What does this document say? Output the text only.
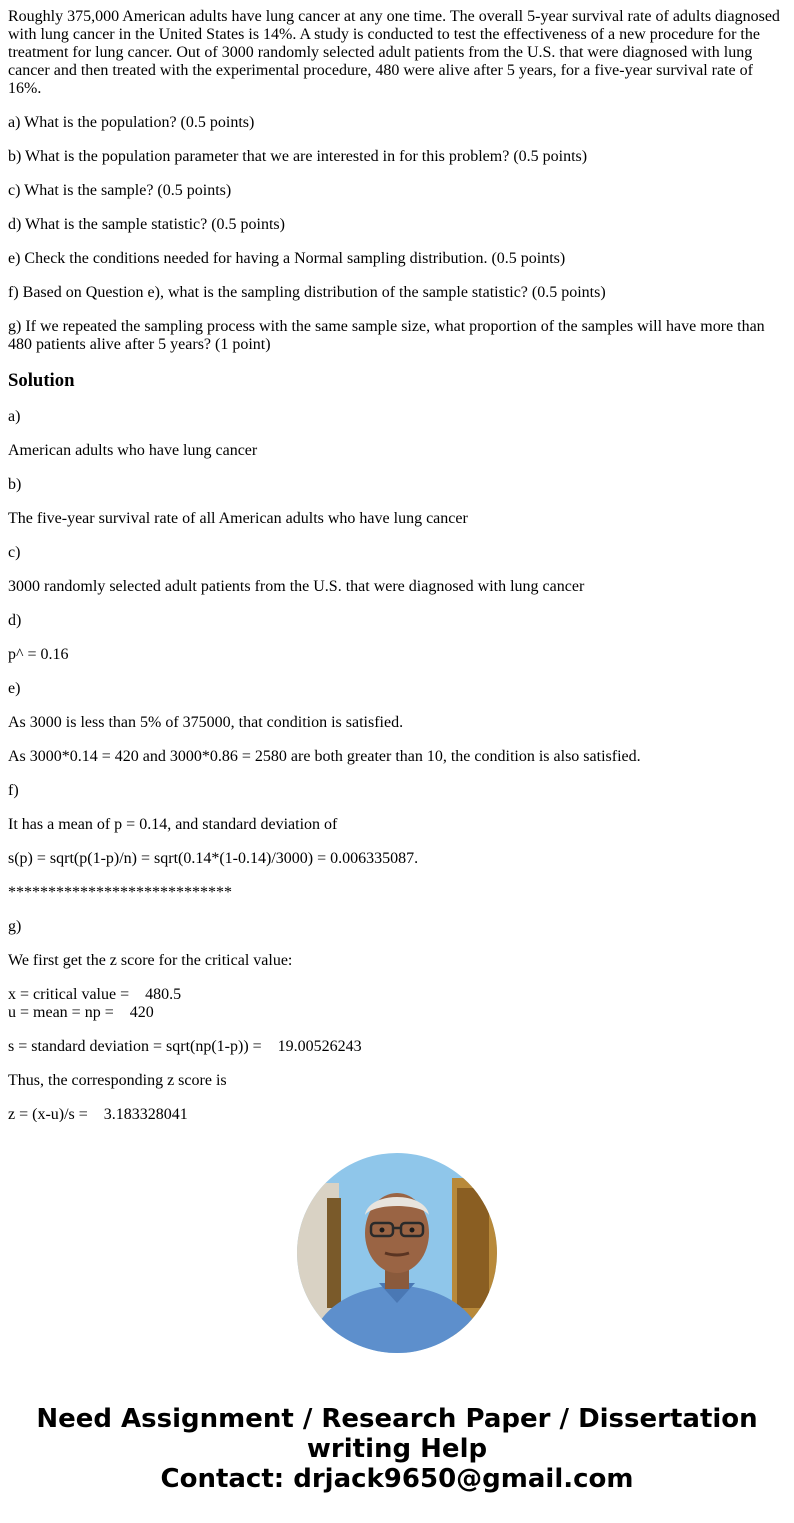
Roughly 375,000 American adults have lung cancer at any one time. The overall 5-year survival rate of adults diagnosed with lung cancer in the United States is 14%. A study is conducted to test the effectiveness of a new procedure for the treatment for lung cancer. Out of 3000 randomly selected adult patients from the U.S. that were diagnosed with lung cancer and then treated with the experimental procedure, 480 were alive after 5 years, for a five-year survival rate of 16%.

a) What is the population? (0.5 points)

b) What is the population parameter that we are interested in for this problem? (0.5 points)

c) What is the sample? (0.5 points)

d) What is the sample statistic? (0.5 points)

e) Check the conditions needed for having a Normal sampling distribution. (0.5 points)

f) Based on Question e), what is the sampling distribution of the sample statistic? (0.5 points)

g) If we repeated the sampling process with the same sample size, what proportion of the samples will have more than 480 patients alive after 5 years? (1 point)

Solution

a)

American adults who have lung cancer

b)

The five-year survival rate of all American adults who have lung cancer

c)

3000 randomly selected adult patients from the U.S. that were diagnosed with lung cancer

d)

p^ = 0.16

e)

As 3000 is less than 5% of 375000, that condition is satisfied.

As 3000*0.14 = 420 and 3000*0.86 = 2580 are both greater than 10, the condition is also satisfied.

f)

It has a mean of p = 0.14, and standard deviation of

s(p) = sqrt(p(1-p)/n) = sqrt(0.14*(1-0.14)/3000) = 0.006335087.

****************************

g)

We first get the z score for the critical value:

x = critical value =    480.5
u = mean = np =    420

s = standard deviation = sqrt(np(1-p)) =    19.00526243

Thus, the corresponding z score is

z = (x-u)/s =    3.183328041

Need Assignment / Research Paper / Dissertation
writing Help
Contact: drjack9650@gmail.com
